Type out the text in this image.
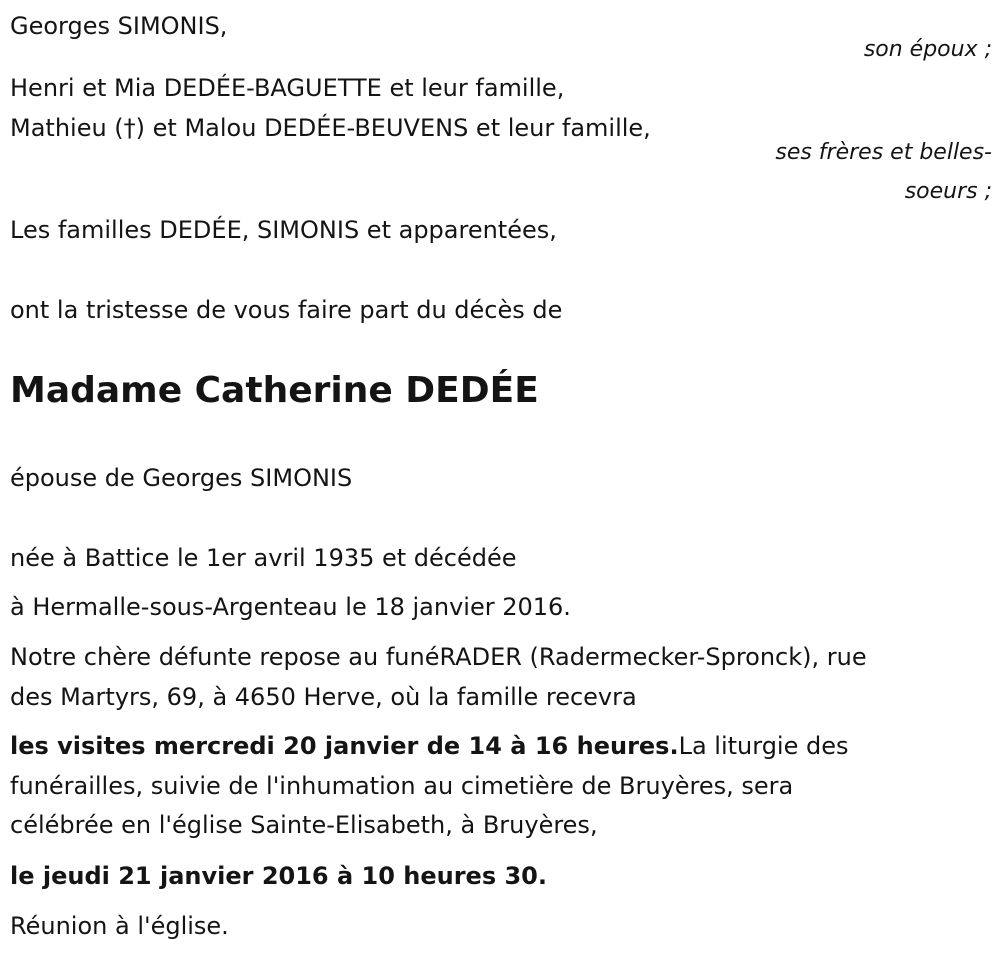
Georges SIMONIS,
son époux ;
Henri et Mia DEDÉE-BAGUETTE et leur famille,
Mathieu (†) et Malou DEDÉE-BEUVENS et leur famille,
ses frères et belles-
soeurs ;
Les familles DEDÉE, SIMONIS et apparentées,
ont la tristesse de vous faire part du décès de
Madame Catherine DEDÉE
épouse de Georges SIMONIS
née à Battice le 1er avril 1935 et décédée
à Hermalle-sous-Argenteau le 18 janvier 2016.
Notre chère défunte repose au funéRADER (Radermecker-Spronck), rue
des Martyrs, 69, à 4650 Herve, où la famille recevra
les visites mercredi 20 janvier de 14 à 16 heures.La liturgie des
funérailles, suivie de l'inhumation au cimetière de Bruyères, sera
célébrée en l'église Sainte-Elisabeth, à Bruyères,
le jeudi 21 janvier 2016 à 10 heures 30.
Réunion à l'église.
